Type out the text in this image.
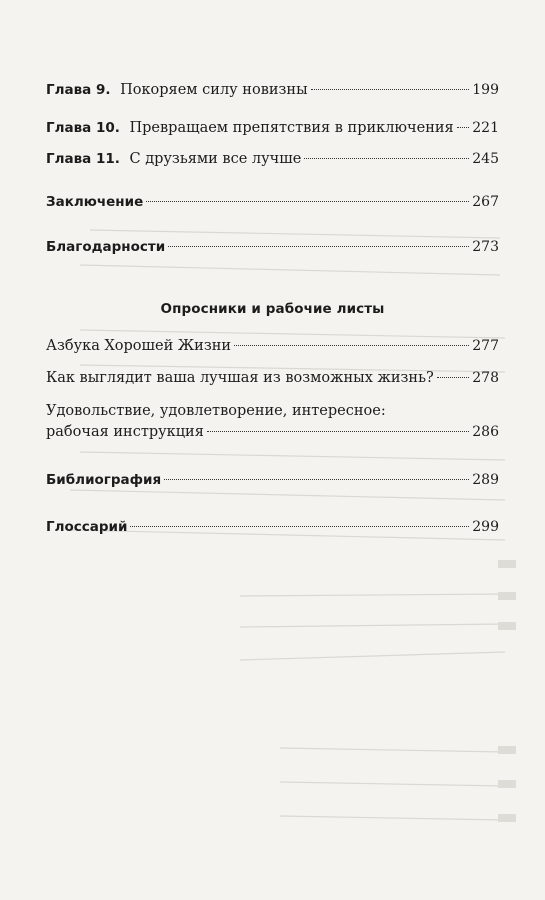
Глава 9. Покоряем силу новизны	199
Глава 10. Превращаем препятствия в приключения 221
Глава 11. С друзьями все лучше	245
Заключение	267
Благодарности	273
Опросники и рабочие листы
Азбука Хорошей Жизни	277
Как выглядит ваша лучшая из возможных жизнь?	278
Удовольствие, удовлетворение, интересное:
рабочая инструкция	286
Библиография	289
Глоссарий	299
